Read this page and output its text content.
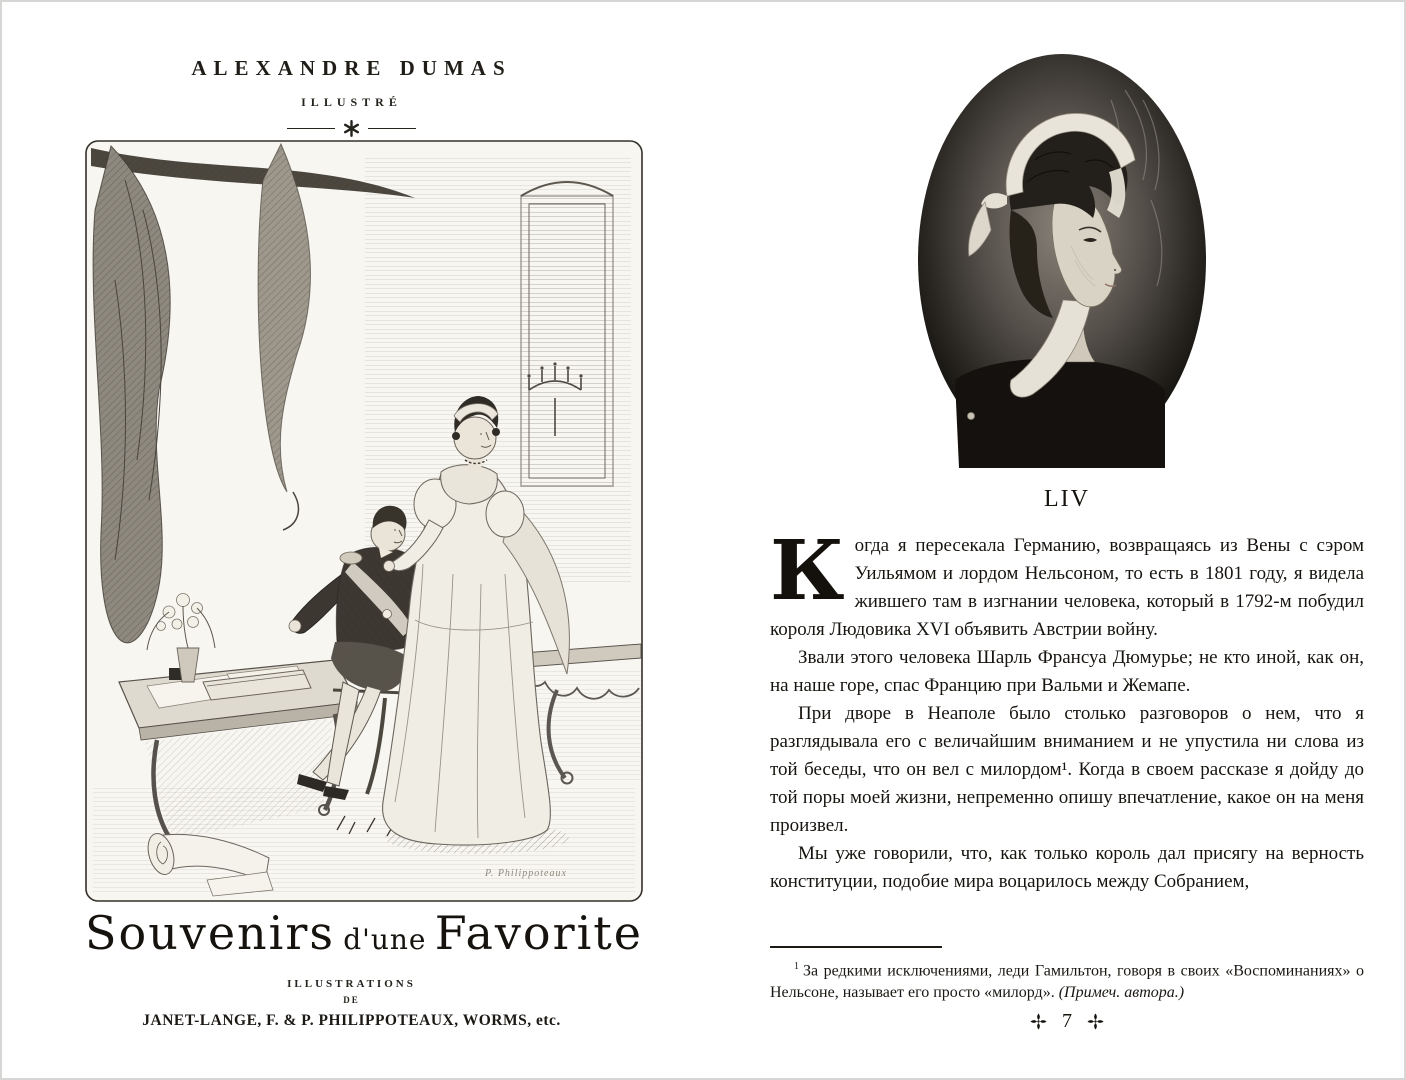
ALEXANDRE DUMAS
ILLUSTRÉ
P. Philippoteaux
Souvenirs d'une Favorite
ILLUSTRATIONS
DE
JANET-LANGE, F. & P. PHILIPPOTEAUX, WORMS, etc.
LIV

Когда я пересекала Германию, возвращаясь из Вены с сэром Уильямом и лордом Нельсоном, то есть в 1801 году, я видела жившего там в изгнании человека, который в 1792-м побудил короля Людовика XVI объявить Австрии войну.

Звали этого человека Шарль Франсуа Дюмурье; не кто иной, как он, на наше горе, спас Францию при Вальми и Жемапе.

При дворе в Неаполе было столько разговоров о нем, что я разглядывала его с величайшим вниманием и не упустила ни слова из той беседы, что он вел с милордом¹. Когда в своем рассказе я дойду до той поры моей жизни, непременно опишу впечатление, какое он на меня произвел.

Мы уже говорили, что, как только король дал присягу на верность конституции, подобие мира воцарилось между Собранием,

$^1$ За редкими исключениями, леди Гамильтон, говоря в своих «Воспоминаниях» о Нельсоне, называет его просто «милорд». (Примеч. автора.)

7
